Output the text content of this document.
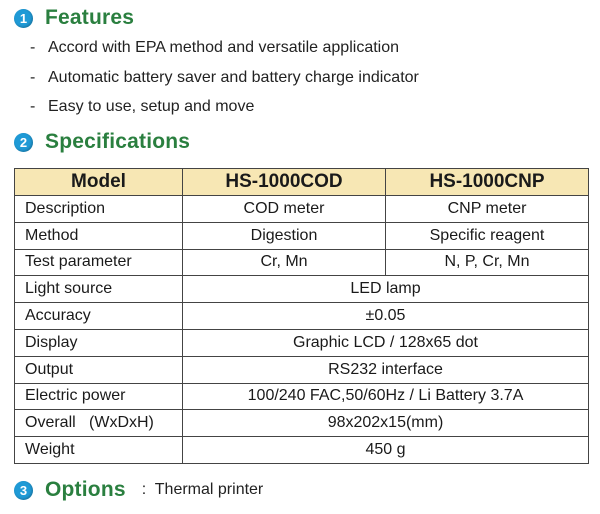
1 Features
- Accord with EPA method and versatile application
- Automatic battery saver and battery charge indicator
- Easy to use, setup and move
2 Specifications
Model	HS-1000COD	HS-1000CNP
Description	COD meter	CNP meter
Method	Digestion	Specific reagent
Test parameter	Cr, Mn	N, P, Cr, Mn
Light source	LED lamp	
Accuracy	±0.05	
Display	Graphic LCD / 128x65 dot	
Output	RS232 interface	
Electric power	100/240 FAC,50/60Hz / Li Battery 3.7A	
Overall   (WxDxH)	98x202x15(mm)	
Weight	450 g	
3 Options :  Thermal printer
